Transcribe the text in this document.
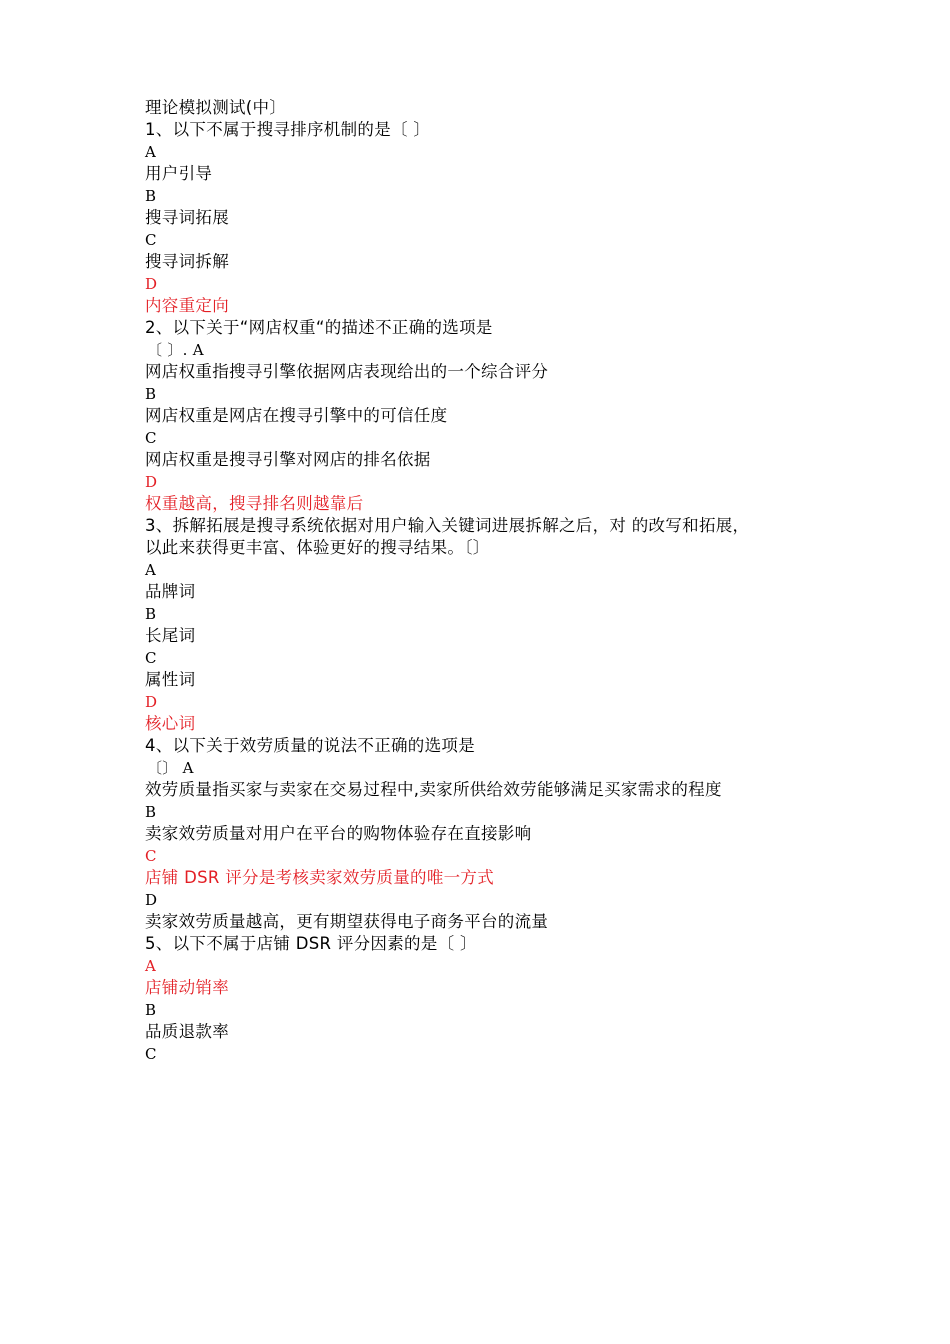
理论模拟测试(中〕
1、以下不属于搜寻排序机制的是〔 〕
A
用户引导
B
搜寻词拓展
C
搜寻词拆解
D
内容重定向
2、以下关于“网店权重“的描述不正确的选项是
〔 〕. A
网店权重指搜寻引擎依据网店表现给出的一个综合评分
B
网店权重是网店在搜寻引擎中的可信任度
C
网店权重是搜寻引擎对网店的排名依据
D
权重越高，搜寻排名则越靠后
3、拆解拓展是搜寻系统依据对用户输入关键词进展拆解之后，对 的改写和拓展，
以此来获得更丰富、体验更好的搜寻结果。〔〕
A
品牌词
B
长尾词
C
属性词
D
核心词
4、以下关于效劳质量的说法不正确的选项是
〔〕 A
效劳质量指买家与卖家在交易过程中,卖家所供给效劳能够满足买家需求的程度
B
卖家效劳质量对用户在平台的购物体验存在直接影响
C
店铺 DSR 评分是考核卖家效劳质量的唯一方式
D
卖家效劳质量越高，更有期望获得电子商务平台的流量
5、以下不属于店铺 DSR 评分因素的是〔 〕
A
店铺动销率
B
品质退款率
C
